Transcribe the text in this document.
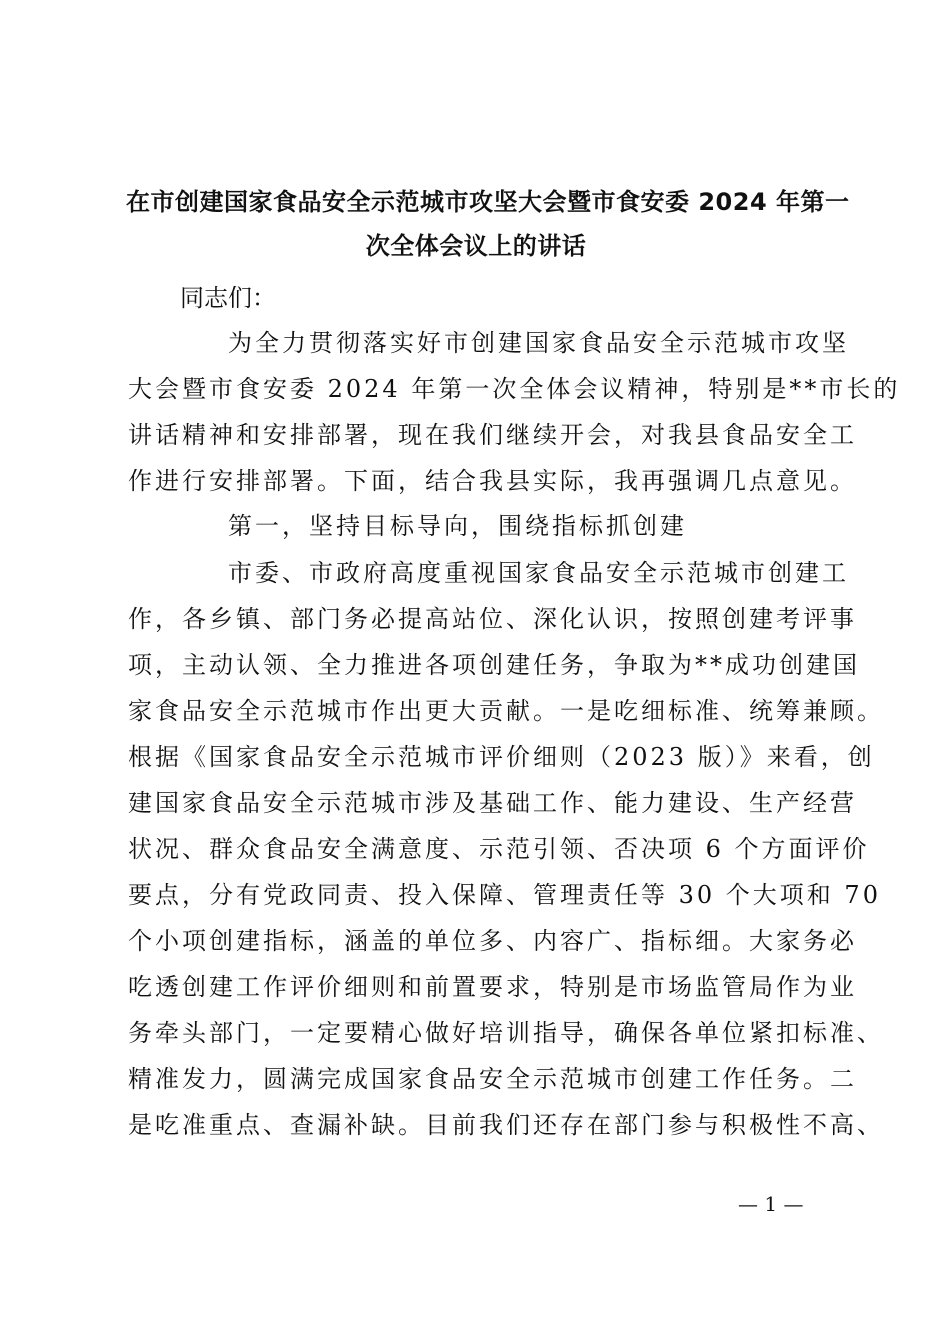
在市创建国家食品安全示范城市攻坚大会暨市食安委 2024 年第一
次全体会议上的讲话

同志们：

为全力贯彻落实好市创建国家食品安全示范城市攻坚
大会暨市食安委 2024 年第一次全体会议精神，特别是**市长的
讲话精神和安排部署，现在我们继续开会，对我县食品安全工
作进行安排部署。下面，结合我县实际，我再强调几点意见。

第一，坚持目标导向，围绕指标抓创建

市委、市政府高度重视国家食品安全示范城市创建工
作，各乡镇、部门务必提高站位、深化认识，按照创建考评事
项，主动认领、全力推进各项创建任务，争取为**成功创建国
家食品安全示范城市作出更大贡献。一是吃细标准、统筹兼顾。
根据《国家食品安全示范城市评价细则（2023 版）》来看，创
建国家食品安全示范城市涉及基础工作、能力建设、生产经营
状况、群众食品安全满意度、示范引领、否决项 6 个方面评价
要点，分有党政同责、投入保障、管理责任等 30 个大项和 70
个小项创建指标，涵盖的单位多、内容广、指标细。大家务必
吃透创建工作评价细则和前置要求，特别是市场监管局作为业
务牵头部门，一定要精心做好培训指导，确保各单位紧扣标准、
精准发力，圆满完成国家食品安全示范城市创建工作任务。二
是吃准重点、查漏补缺。目前我们还存在部门参与积极性不高、

— 1 —
